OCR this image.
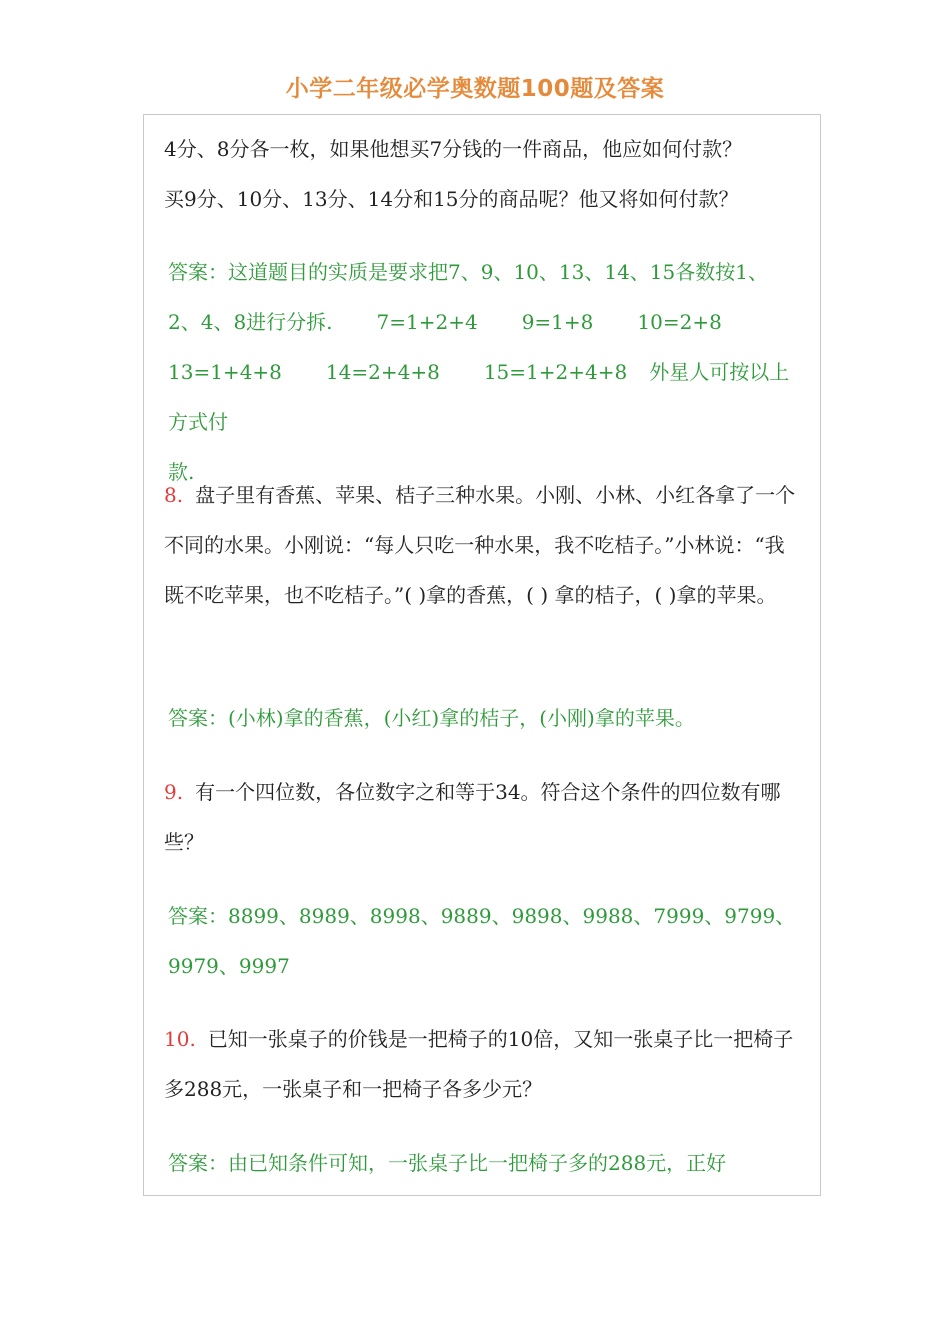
小学二年级必学奥数题100题及答案

4分、8分各一枚，如果他想买7分钱的一件商品，他应如何付款？
买9分、10分、13分、14分和15分的商品呢？他又将如何付款？

答案：这道题目的实质是要求把7、9、10、13、14、15各数按1、
2、4、8进行分拆. 7=1+2+4 9=1+8 10=2+8
13=1+4+8 14=2+4+8 15=1+2+4+8 外星人可按以上方式付
款.

8. 盘子里有香蕉、苹果、桔子三种水果。小刚、小林、小红各拿了一个不同的水果。小刚说：“每人只吃一种水果，我不吃桔子。”小林说：“我既不吃苹果，也不吃桔子。”( )拿的香蕉，( ) 拿的桔子，( )拿的苹果。

答案：(小林)拿的香蕉，(小红)拿的桔子，(小刚)拿的苹果。

9. 有一个四位数，各位数字之和等于34。符合这个条件的四位数有哪些？

答案：8899、8989、8998、9889、9898、9988、7999、9799、9979、9997

10. 已知一张桌子的价钱是一把椅子的10倍，又知一张桌子比一把椅子多288元，一张桌子和一把椅子各多少元？

答案：由已知条件可知，一张桌子比一把椅子多的288元，正好
